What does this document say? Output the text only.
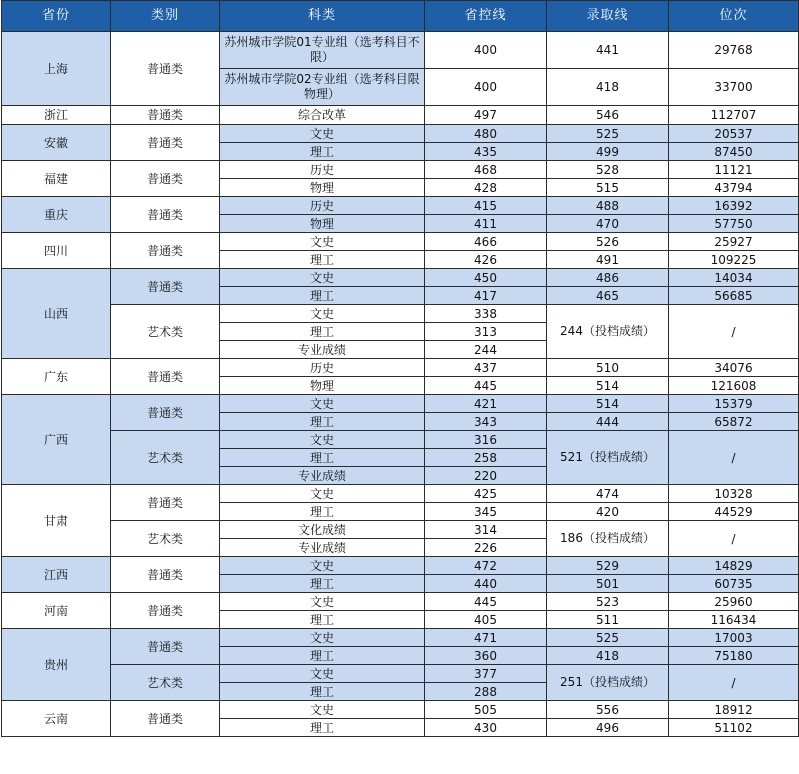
省份	类别	科类	省控线	录取线	位次
上海	普通类	苏州城市学院01专业组（选考科目不限）	400	441	29768
		苏州城市学院02专业组（选考科目限物理）	400	418	33700
浙江	普通类	综合改革	497	546	112707
安徽	普通类	文史	480	525	20537
		理工	435	499	87450
福建	普通类	历史	468	528	11121
		物理	428	515	43794
重庆	普通类	历史	415	488	16392
		物理	411	470	57750
四川	普通类	文史	466	526	25927
		理工	426	491	109225
山西	普通类	文史	450	486	14034
		理工	417	465	56685
	艺术类	文史	338	244（投档成绩）	/
		理工	313		
		专业成绩	244		
广东	普通类	历史	437	510	34076
		物理	445	514	121608
广西	普通类	文史	421	514	15379
		理工	343	444	65872
	艺术类	文史	316	521（投档成绩）	/
		理工	258		
		专业成绩	220		
甘肃	普通类	文史	425	474	10328
		理工	345	420	44529
	艺术类	文化成绩	314	186（投档成绩）	/
		专业成绩	226		
江西	普通类	文史	472	529	14829
		理工	440	501	60735
河南	普通类	文史	445	523	25960
		理工	405	511	116434
贵州	普通类	文史	471	525	17003
		理工	360	418	75180
	艺术类	文史	377	251（投档成绩）	/
		理工	288		
云南	普通类	文史	505	556	18912
		理工	430	496	51102
